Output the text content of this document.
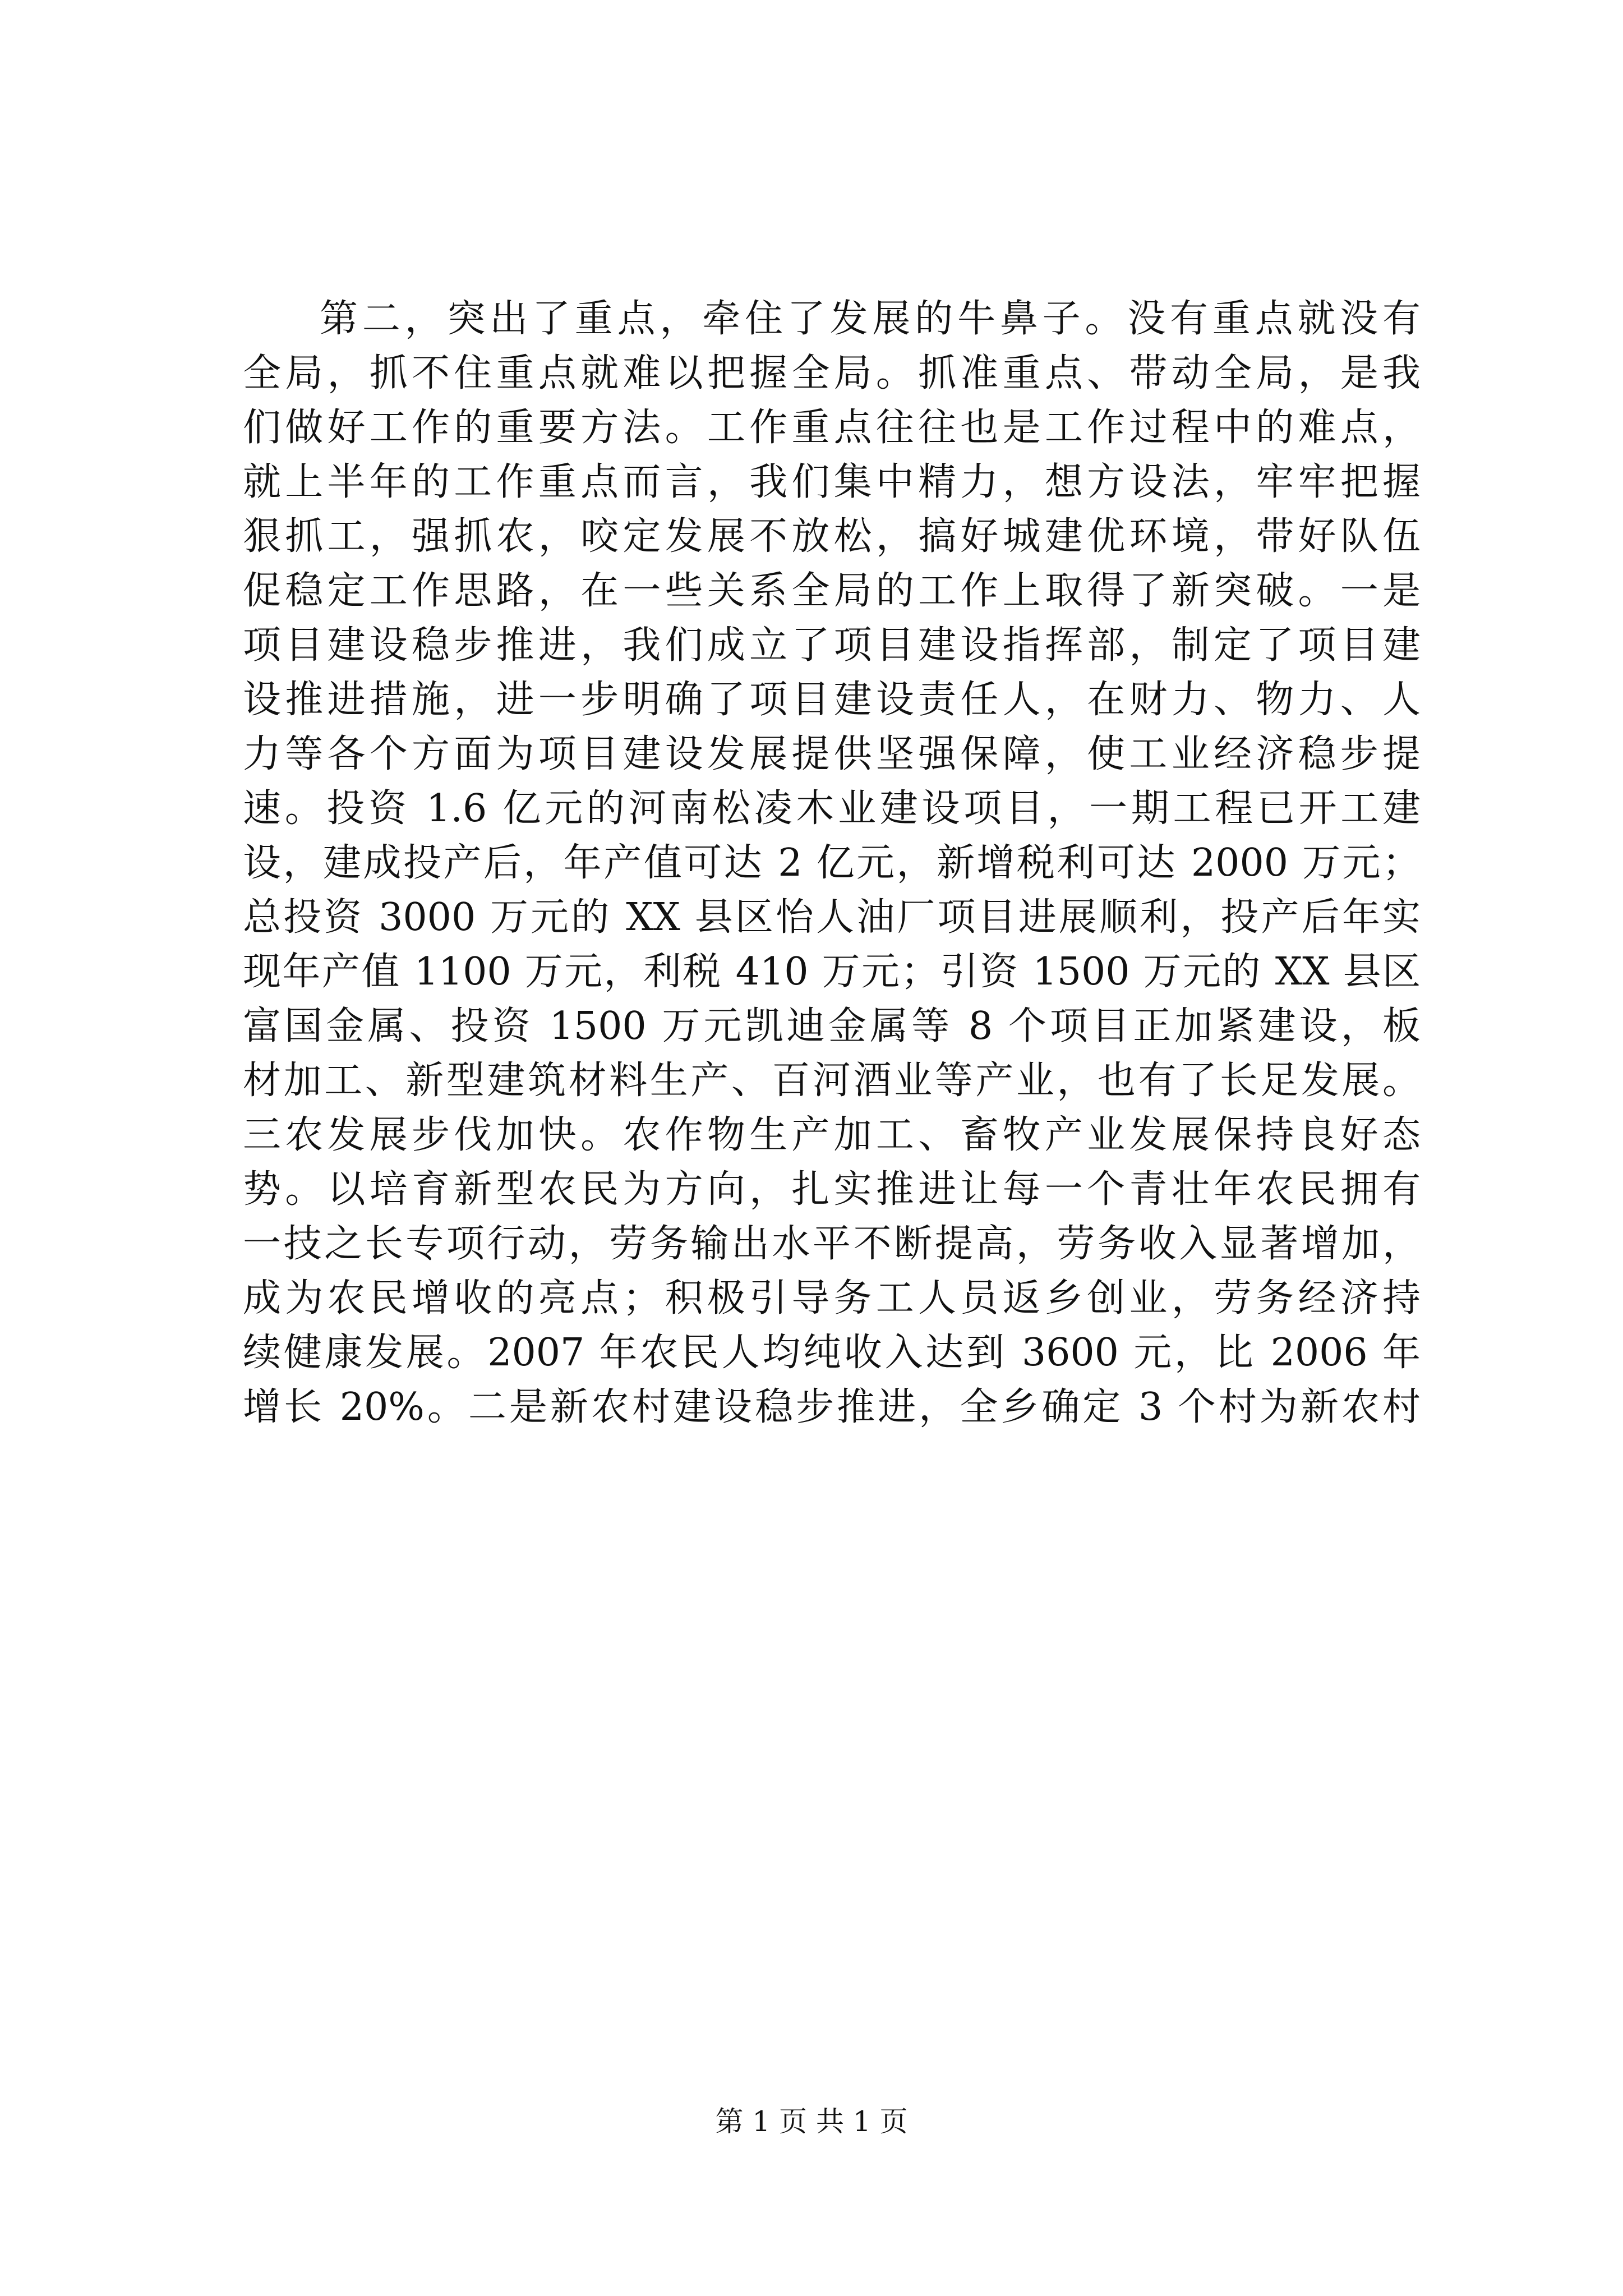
第二，突出了重点，牵住了发展的牛鼻子。没有重点就没有
全局，抓不住重点就难以把握全局。抓准重点、带动全局，是我
们做好工作的重要方法。工作重点往往也是工作过程中的难点，
就上半年的工作重点而言，我们集中精力，想方设法，牢牢把握
狠抓工，强抓农，咬定发展不放松，搞好城建优环境，带好队伍
促稳定工作思路，在一些关系全局的工作上取得了新突破。一是
项目建设稳步推进，我们成立了项目建设指挥部，制定了项目建
设推进措施，进一步明确了项目建设责任人，在财力、物力、人
力等各个方面为项目建设发展提供坚强保障，使工业经济稳步提
速。投资 1.6 亿元的河南松凌木业建设项目，一期工程已开工建
设，建成投产后，年产值可达 2 亿元，新增税利可达 2000 万元；
总投资 3000 万元的 XX 县区怡人油厂项目进展顺利，投产后年实
现年产值 1100 万元，利税 410 万元；引资 1500 万元的 XX 县区
富国金属、投资 1500 万元凯迪金属等 8 个项目正加紧建设，板
材加工、新型建筑材料生产、百河酒业等产业，也有了长足发展。
三农发展步伐加快。农作物生产加工、畜牧产业发展保持良好态
势。以培育新型农民为方向，扎实推进让每一个青壮年农民拥有
一技之长专项行动，劳务输出水平不断提高，劳务收入显著增加，
成为农民增收的亮点；积极引导务工人员返乡创业，劳务经济持
续健康发展。2007 年农民人均纯收入达到 3600 元，比 2006 年
增长 20%。二是新农村建设稳步推进，全乡确定 3 个村为新农村
第 1 页 共 1 页
